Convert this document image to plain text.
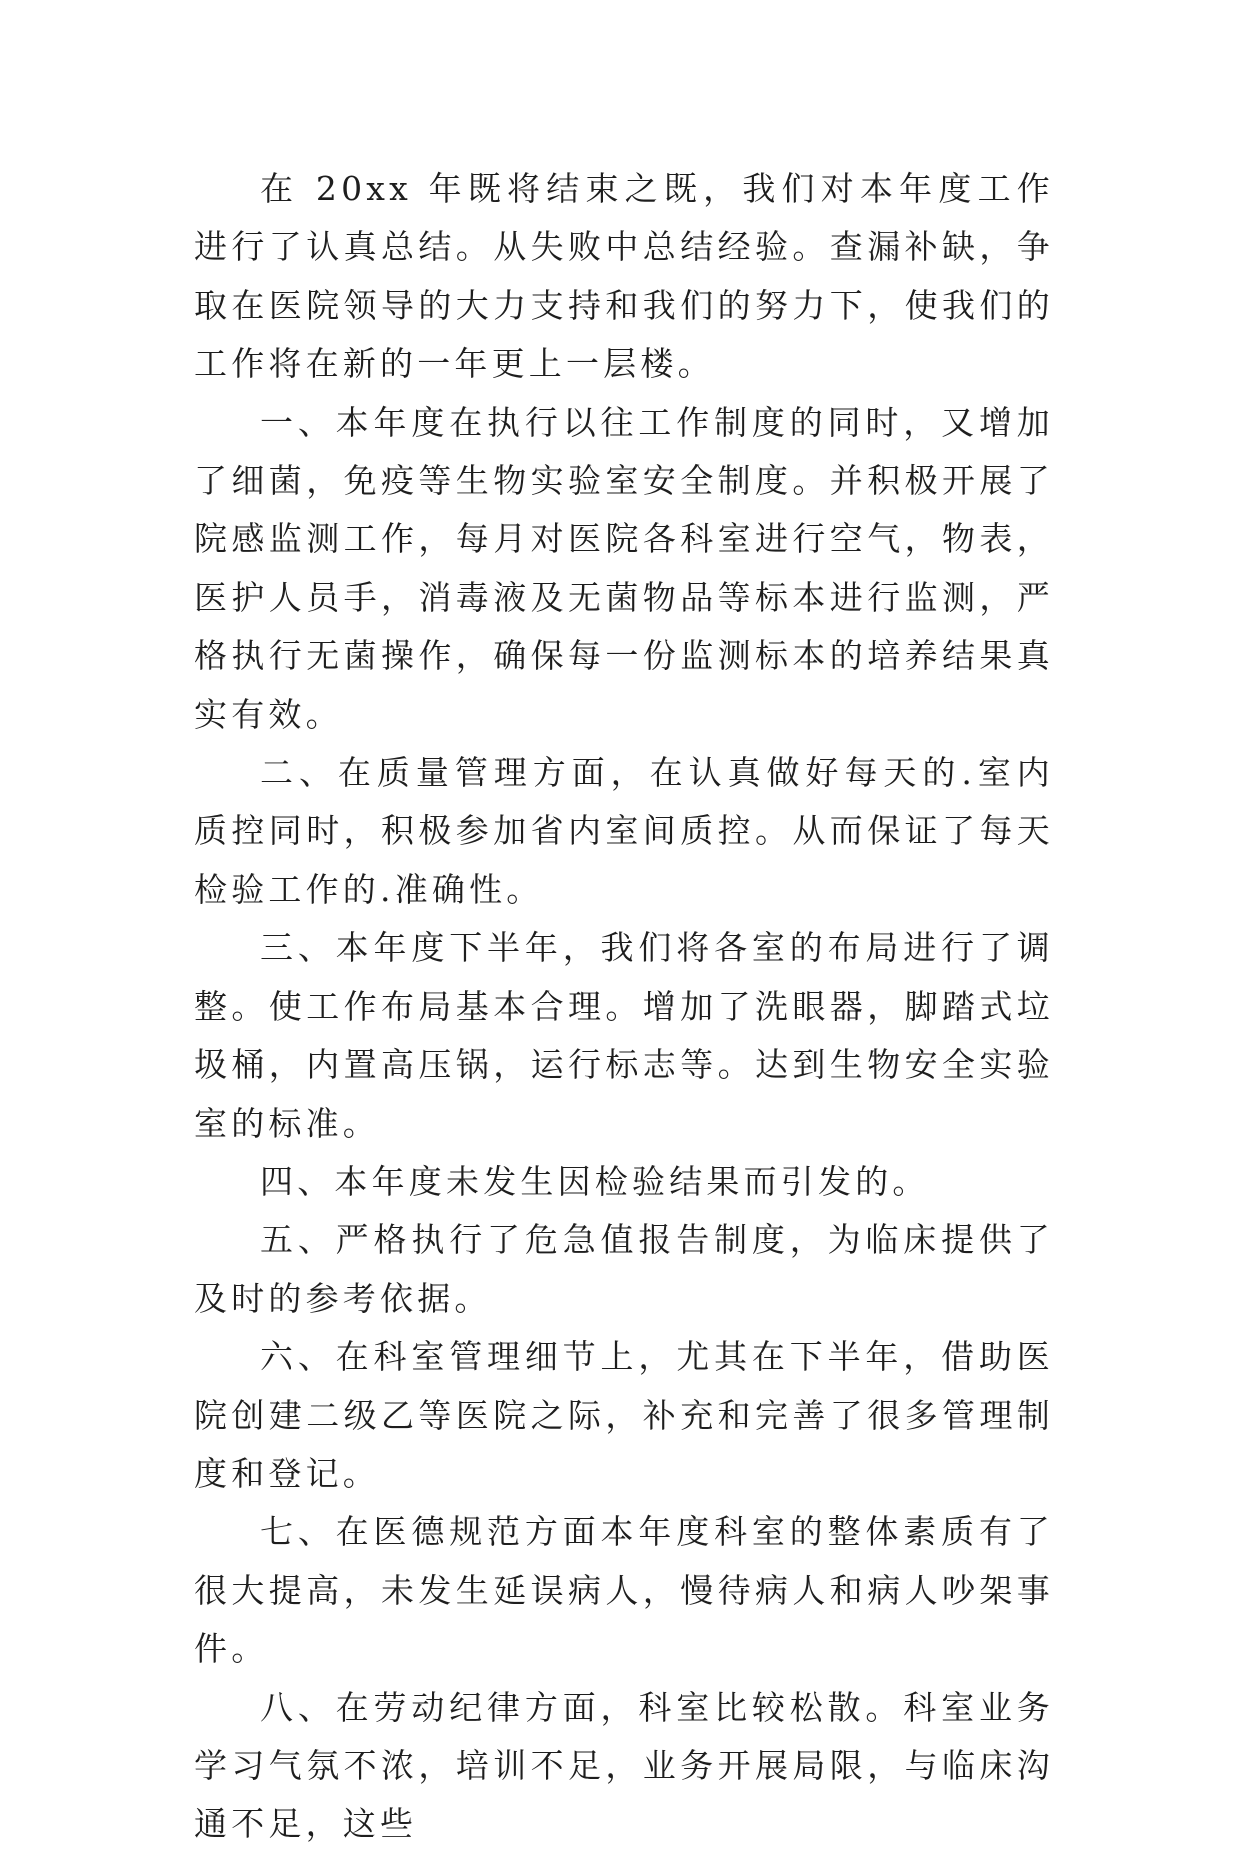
在 20xx 年既将结束之既，我们对本年度工作进行了认真总结。从失败中总结经验。查漏补缺，争取在医院领导的大力支持和我们的努力下，使我们的工作将在新的一年更上一层楼。

一、本年度在执行以往工作制度的同时，又增加了细菌，免疫等生物实验室安全制度。并积极开展了院感监测工作，每月对医院各科室进行空气，物表，医护人员手，消毒液及无菌物品等标本进行监测，严格执行无菌操作，确保每一份监测标本的培养结果真实有效。

二、在质量管理方面，在认真做好每天的.室内质控同时，积极参加省内室间质控。从而保证了每天检验工作的.准确性。

三、本年度下半年，我们将各室的布局进行了调整。使工作布局基本合理。增加了洗眼器，脚踏式垃圾桶，内置高压锅，运行标志等。达到生物安全实验室的标准。

四、本年度未发生因检验结果而引发的。

五、严格执行了危急值报告制度，为临床提供了及时的参考依据。

六、在科室管理细节上，尤其在下半年，借助医院创建二级乙等医院之际，补充和完善了很多管理制度和登记。

七、在医德规范方面本年度科室的整体素质有了很大提高，未发生延误病人，慢待病人和病人吵架事件。

八、在劳动纪律方面，科室比较松散。科室业务学习气氛不浓，培训不足，业务开展局限，与临床沟通不足，这些
